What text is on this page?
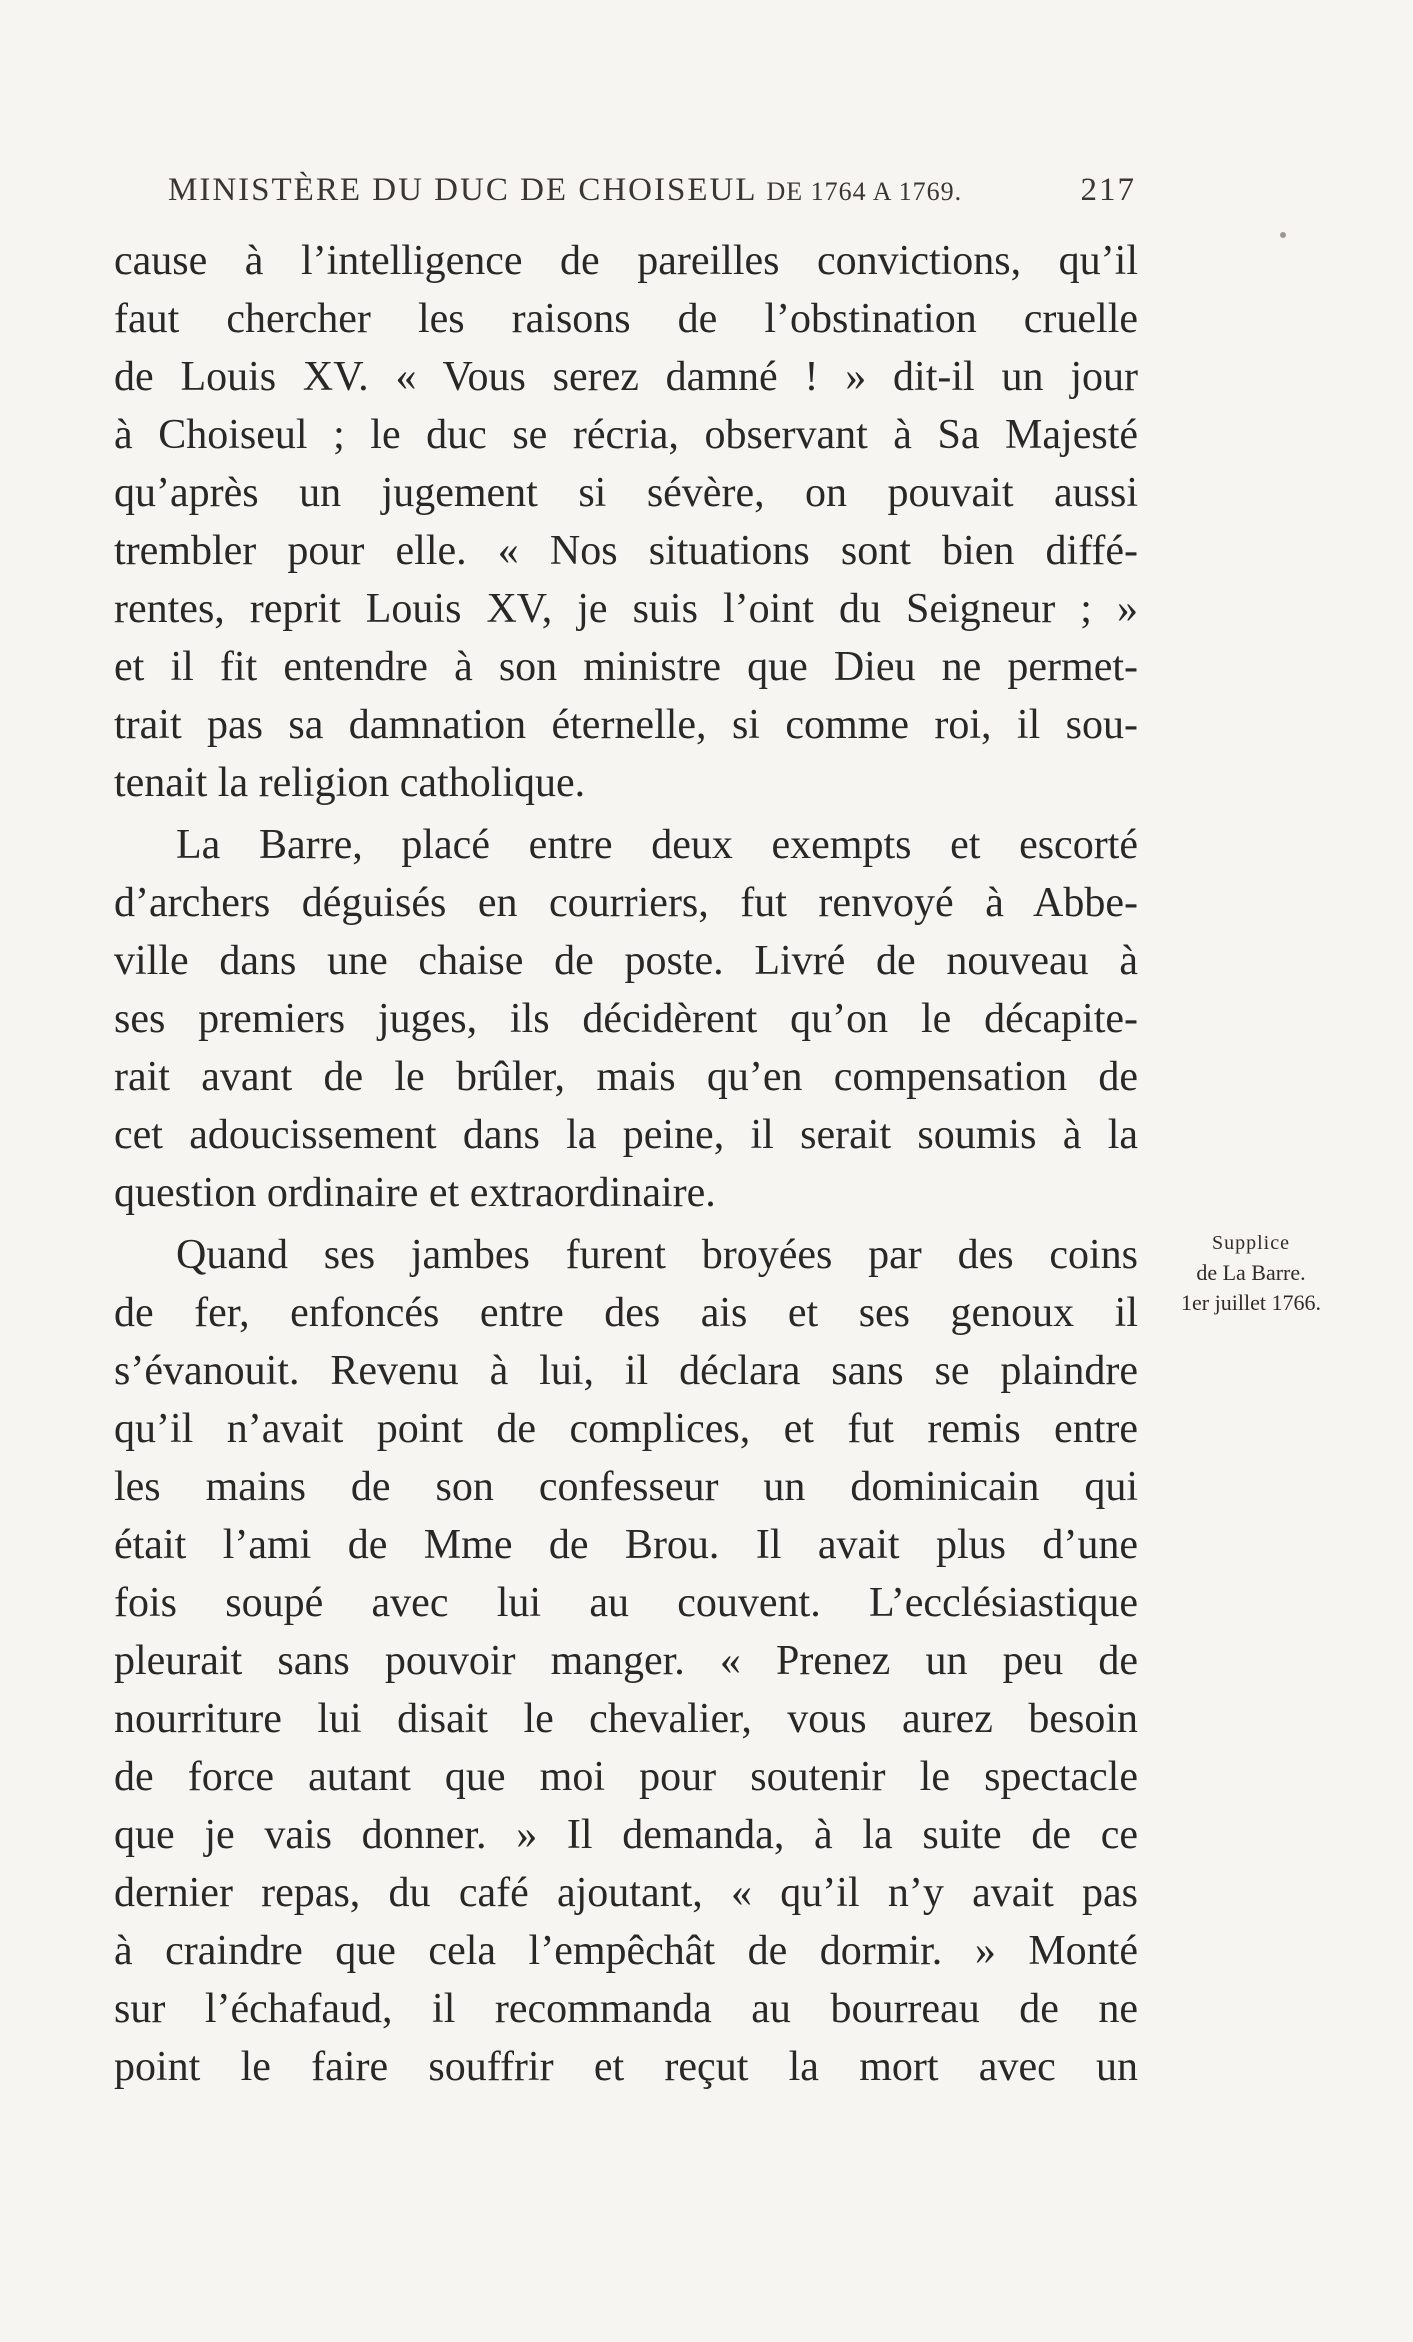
MINISTÈRE DU DUC DE CHOISEUL DE 1764 A 1769.	217
cause à l’intelligence de pareilles convictions, qu’il
faut chercher les raisons de l’obstination cruelle
de Louis XV. « Vous serez damné ! » dit-il un jour
à Choiseul ; le duc se récria, observant à Sa Majesté
qu’après un jugement si sévère, on pouvait aussi
trembler pour elle. « Nos situations sont bien diffé-
rentes, reprit Louis XV, je suis l’oint du Seigneur ; »
et il fit entendre à son ministre que Dieu ne permet-
trait pas sa damnation éternelle, si comme roi, il sou-
tenait la religion catholique.
La Barre, placé entre deux exempts et escorté
d’archers déguisés en courriers, fut renvoyé à Abbe-
ville dans une chaise de poste. Livré de nouveau à
ses premiers juges, ils décidèrent qu’on le décapite-
rait avant de le brûler, mais qu’en compensation de
cet adoucissement dans la peine, il serait soumis à la
question ordinaire et extraordinaire.
Quand ses jambes furent broyées par des coins
de fer, enfoncés entre des ais et ses genoux il
s’évanouit. Revenu à lui, il déclara sans se plaindre
qu’il n’avait point de complices, et fut remis entre
les mains de son confesseur un dominicain qui
était l’ami de Mme de Brou. Il avait plus d’une
fois soupé avec lui au couvent. L’ecclésiastique
pleurait sans pouvoir manger. « Prenez un peu de
nourriture lui disait le chevalier, vous aurez besoin
de force autant que moi pour soutenir le spectacle
que je vais donner. » Il demanda, à la suite de ce
dernier repas, du café ajoutant, « qu’il n’y avait pas
à craindre que cela l’empêchât de dormir. » Monté
sur l’échafaud, il recommanda au bourreau de ne
point le faire souffrir et reçut la mort avec un
Supplice
de La Barre.
1er juillet 1766.
